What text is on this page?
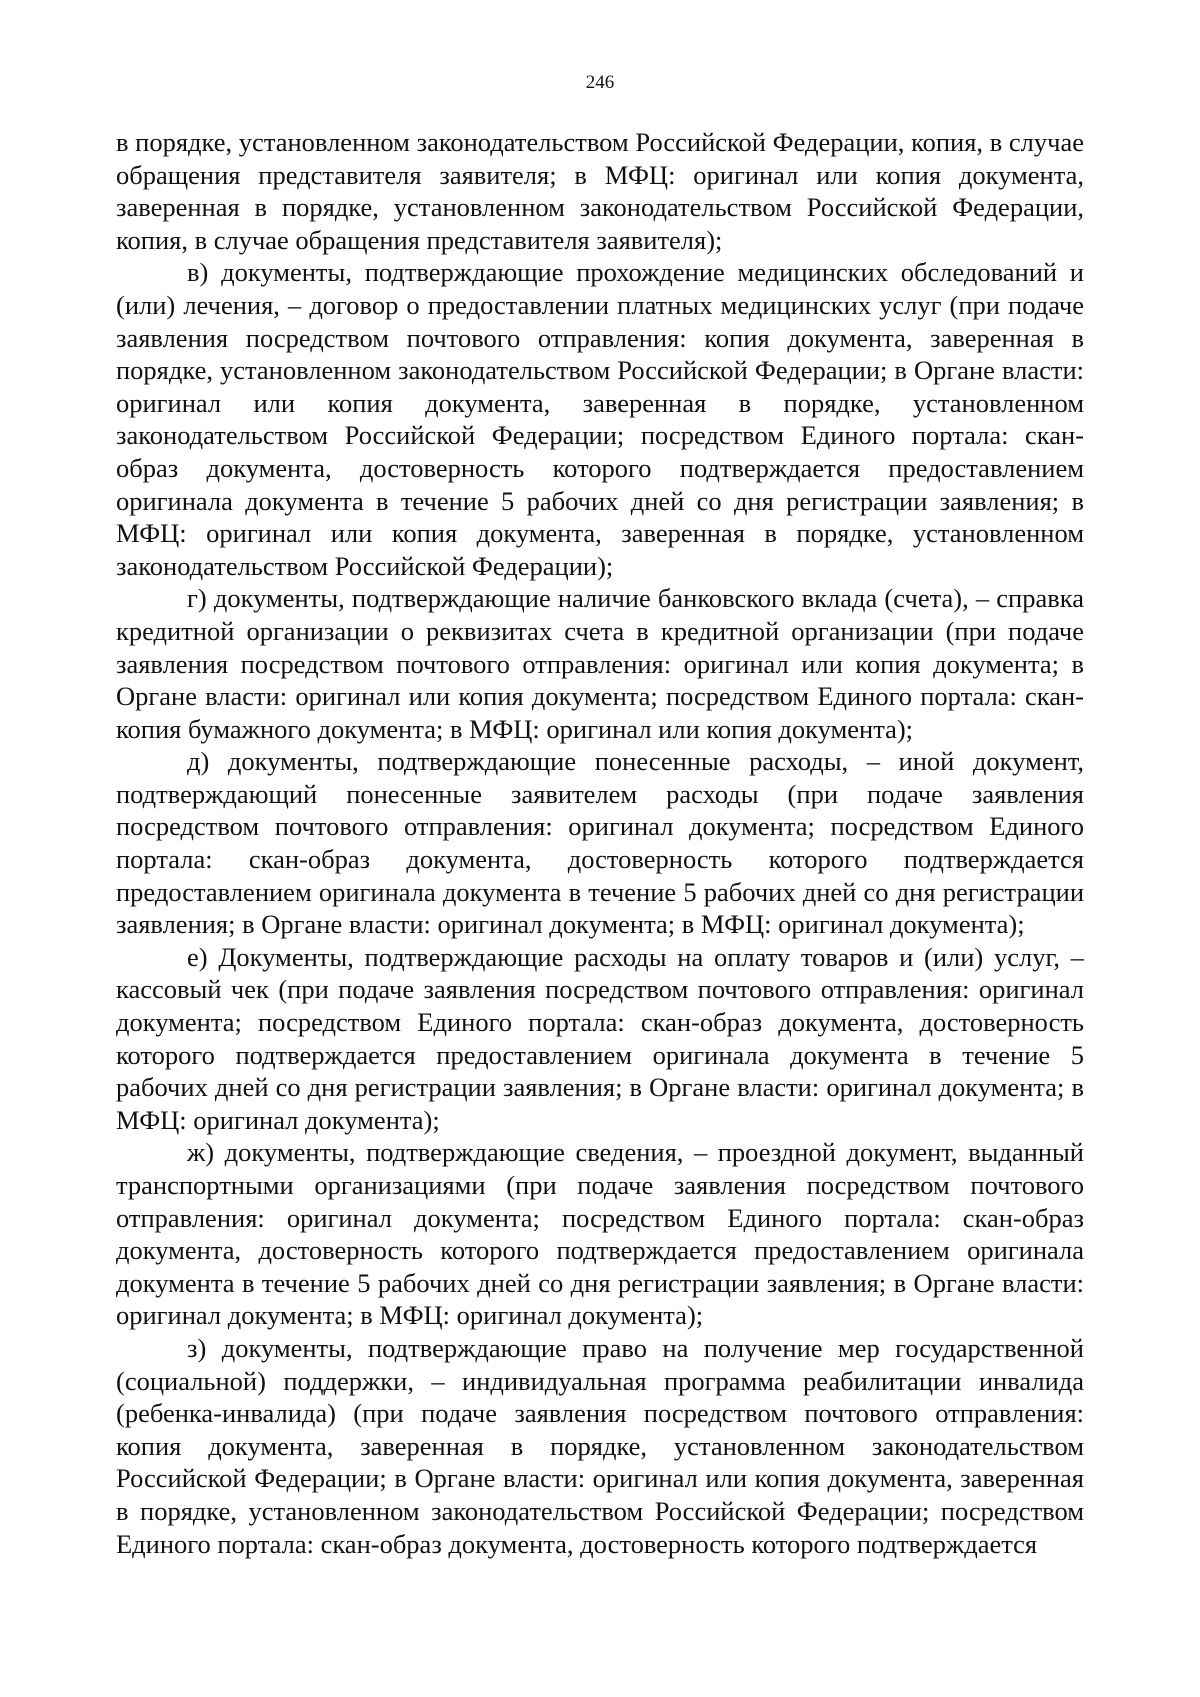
246

в порядке, установленном законодательством Российской Федерации, копия, в случае обращения представителя заявителя; в МФЦ: оригинал или копия документа, заверенная в порядке, установленном законодательством Российской Федерации, копия, в случае обращения представителя заявителя);

в) документы, подтверждающие прохождение медицинских обследований и (или) лечения, – договор о предоставлении платных медицинских услуг (при подаче заявления посредством почтового отправления: копия документа, заверенная в порядке, установленном законодательством Российской Федерации; в Органе власти: оригинал или копия документа, заверенная в порядке, установленном законодательством Российской Федерации; посредством Единого портала: скан-образ документа, достоверность которого подтверждается предоставлением оригинала документа в течение 5 рабочих дней со дня регистрации заявления; в МФЦ: оригинал или копия документа, заверенная в порядке, установленном законодательством Российской Федерации);

г) документы, подтверждающие наличие банковского вклада (счета), – справка кредитной организации о реквизитах счета в кредитной организации (при подаче заявления посредством почтового отправления: оригинал или копия документа; в Органе власти: оригинал или копия документа; посредством Единого портала: скан-копия бумажного документа; в МФЦ: оригинал или копия документа);

д) документы, подтверждающие понесенные расходы, – иной документ, подтверждающий понесенные заявителем расходы (при подаче заявления посредством почтового отправления: оригинал документа; посредством Единого портала: скан-образ документа, достоверность которого подтверждается предоставлением оригинала документа в течение 5 рабочих дней со дня регистрации заявления; в Органе власти: оригинал документа; в МФЦ: оригинал документа);

е) Документы, подтверждающие расходы на оплату товаров и (или) услуг, – кассовый чек (при подаче заявления посредством почтового отправления: оригинал документа; посредством Единого портала: скан-образ документа, достоверность которого подтверждается предоставлением оригинала документа в течение 5 рабочих дней со дня регистрации заявления; в Органе власти: оригинал документа; в МФЦ: оригинал документа);

ж) документы, подтверждающие сведения, – проездной документ, выданный транспортными организациями (при подаче заявления посредством почтового отправления: оригинал документа; посредством Единого портала: скан-образ документа, достоверность которого подтверждается предоставлением оригинала документа в течение 5 рабочих дней со дня регистрации заявления; в Органе власти: оригинал документа; в МФЦ: оригинал документа);

з) документы, подтверждающие право на получение мер государственной (социальной) поддержки, – индивидуальная программа реабилитации инвалида (ребенка-инвалида) (при подаче заявления посредством почтового отправления: копия документа, заверенная в порядке, установленном законодательством Российской Федерации; в Органе власти: оригинал или копия документа, заверенная в порядке, установленном законодательством Российской Федерации; посредством Единого портала: скан-образ документа, достоверность которого подтверждается
